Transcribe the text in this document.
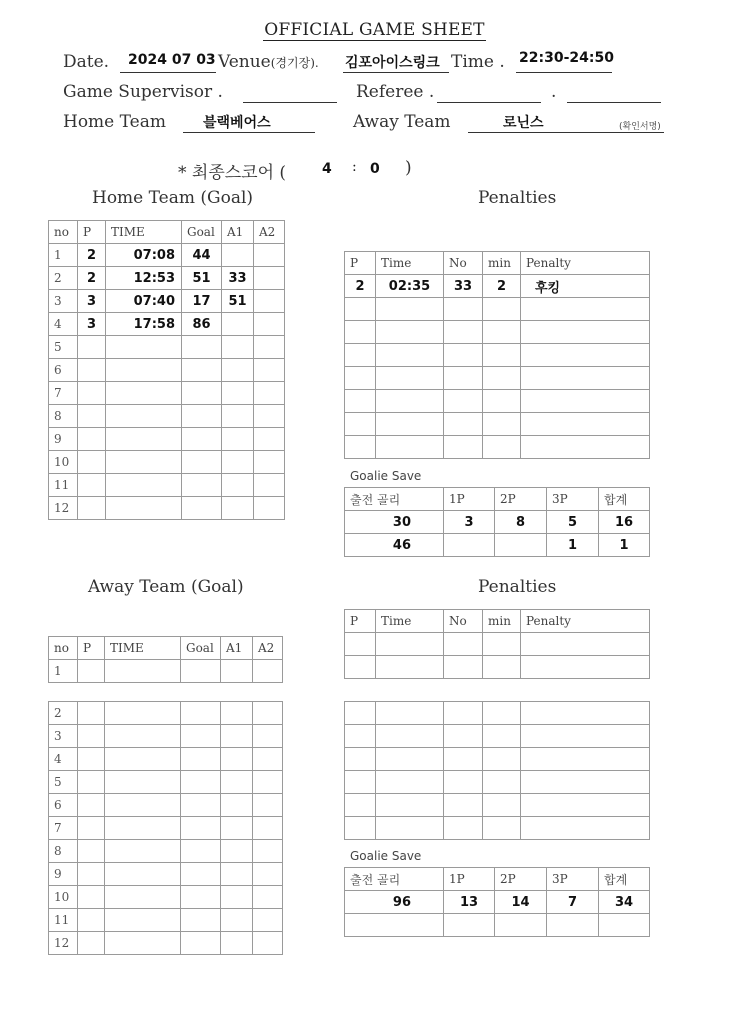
OFFICIAL GAME SHEET
Date. 2024 07 03 Venue(경기장). 김포아이스링크 Time . 22:30-24:50
Game Supervisor .	Referee .	.
Home Team	블랙베어스	Away Team	로닌스	(확인서명)
* 최종스코어 (	4 : 0 )
Home Team (Goal)	Penalties
Away Team (Goal)	Penalties
no	P	TIME	Goal	A1	A2
1	2	07:08	44		
2	2	12:53	51	33	
3	3	07:40	17	51	
4	3	17:58	86		
5					
6					
7					
8					
9					
10					
11					
12					
P	Time	No	min	Penalty
2	02:35	33	2	후킹

Goalie Save
출전 골리	1P	2P	3P	합계
30	3	8	5	16
46			1	1
no	P	TIME	Goal	A1	A2
1					
2					
3					
4					
5					
6					
7					
8					
9					
10					
11					
12					
P	Time	No	min	Penalty

Goalie Save
출전 골리	1P	2P	3P	합계
96	13	14	7	34
